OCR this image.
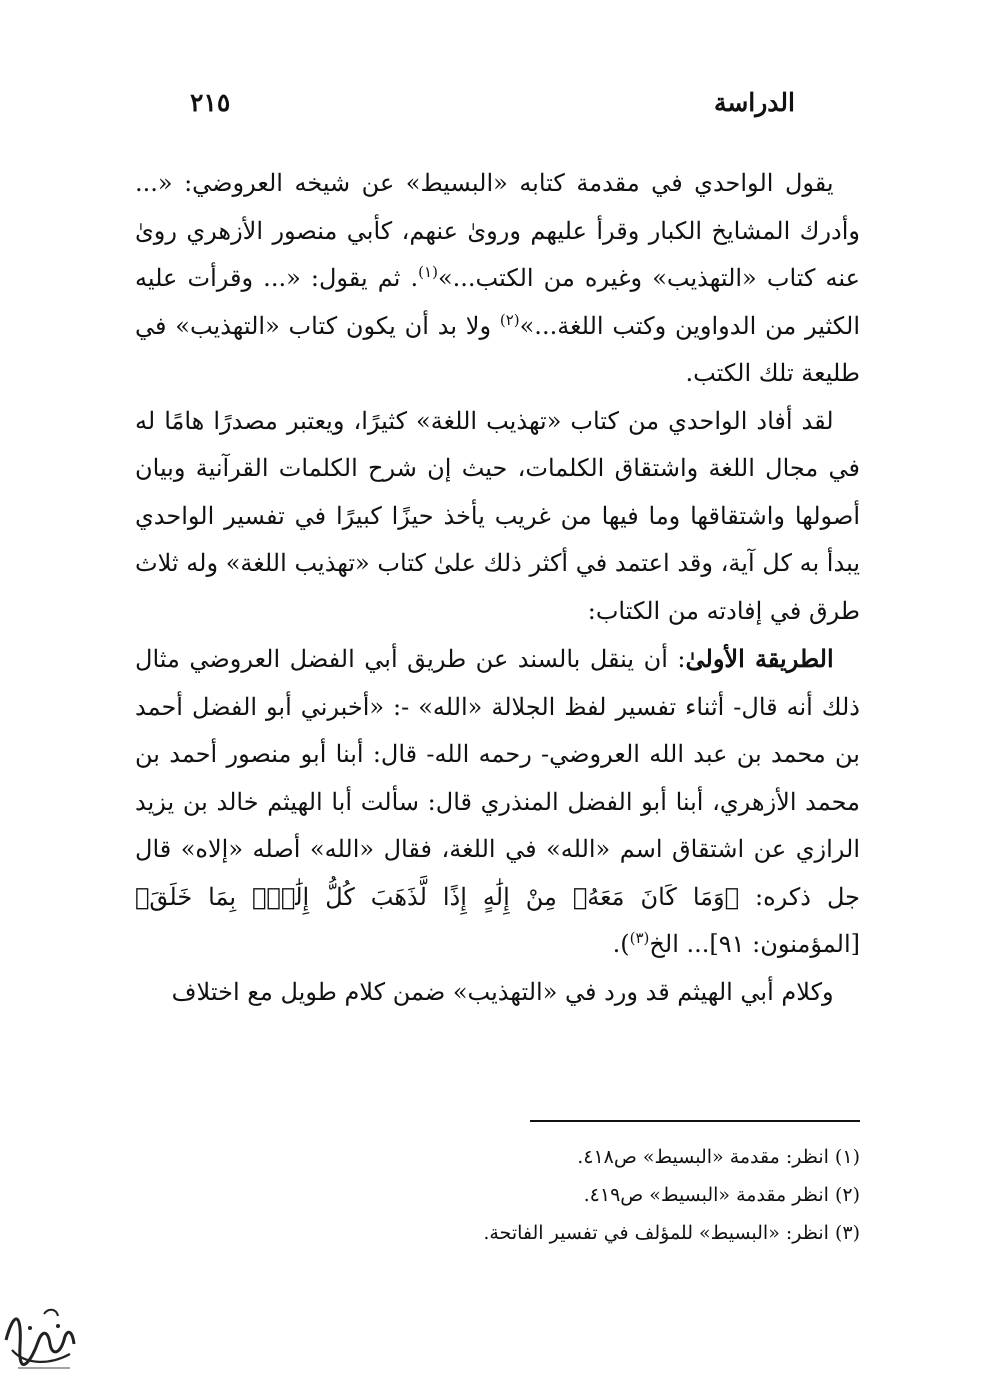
الدراسة
٢١٥

يقول الواحدي في مقدمة كتابه «البسيط» عن شيخه العروضي: «... وأدرك المشايخ الكبار وقرأ عليهم وروىٰ عنهم، كأبي منصور الأزهري روىٰ عنه كتاب «التهذيب» وغيره من الكتب...»$^{(١)}$. ثم يقول: «... وقرأت عليه الكثير من الدواوين وكتب اللغة...»$^{(٢)}$ ولا بد أن يكون كتاب «التهذيب» في طليعة تلك الكتب.

لقد أفاد الواحدي من كتاب «تهذيب اللغة» كثيرًا، ويعتبر مصدرًا هامًا له في مجال اللغة واشتقاق الكلمات، حيث إن شرح الكلمات القرآنية وبيان أصولها واشتقاقها وما فيها من غريب يأخذ حيزًا كبيرًا في تفسير الواحدي يبدأ به كل آية، وقد اعتمد في أكثر ذلك علىٰ كتاب «تهذيب اللغة» وله ثلاث طرق في إفادته من الكتاب:

الطريقة الأولىٰ: أن ينقل بالسند عن طريق أبي الفضل العروضي مثال ذلك أنه قال- أثناء تفسير لفظ الجلالة «الله» -: «أخبرني أبو الفضل أحمد بن محمد بن عبد الله العروضي- رحمه الله- قال: أبنا أبو منصور أحمد بن محمد الأزهري، أبنا أبو الفضل المنذري قال: سألت أبا الهيثم خالد بن يزيد الرازي عن اشتقاق اسم «الله» في اللغة، فقال «الله» أصله «إلاه» قال جل ذكره: ﴿وَمَا كَانَ مَعَهُۥ مِنْ إِلَٰهٍ إِذًا لَّذَهَبَ كُلُّ إِلَٰهٍۭ بِمَا خَلَقَ﴾ [المؤمنون: ٩١]... الخ$^{(٣)}$).

وكلام أبي الهيثم قد ورد في «التهذيب» ضمن كلام طويل مع اختلاف

(١) انظر: مقدمة «البسيط» ص٤١٨.

(٢) انظر مقدمة «البسيط» ص٤١٩.

(٣) انظر: «البسيط» للمؤلف في تفسير الفاتحة.
